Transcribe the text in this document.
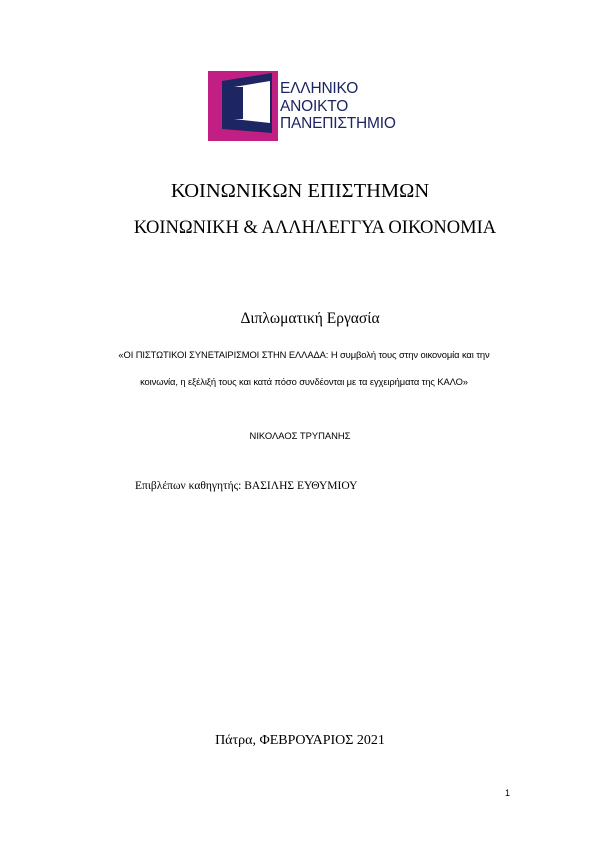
ΕΛΛΗΝΙΚΟ
ΑΝΟΙΚΤΟ
ΠΑΝΕΠΙΣΤΗΜΙΟ
ΚΟΙΝΩΝΙΚΩΝ ΕΠΙΣΤΗΜΩΝ
ΚΟΙΝΩΝΙΚΗ & ΑΛΛΗΛΕΓΓΥΑ ΟΙΚΟΝΟΜΙΑ
Διπλωματική Εργασία
«ΟΙ ΠΙΣΤΩΤΙΚΟΙ ΣΥΝΕΤΑΙΡΙΣΜΟΙ ΣΤΗΝ ΕΛΛΑΔΑ: Η συμβολή τους στην οικονομία και την
κοινωνία, η εξέλιξή τους και κατά πόσο συνδέονται με τα εγχειρήματα της ΚΑΛΟ»
ΝΙΚΟΛΑΟΣ ΤΡΥΠΑΝΗΣ
Επιβλέπων καθηγητής: ΒΑΣΙΛΗΣ ΕΥΘΥΜΙΟΥ
Πάτρα, ΦΕΒΡΟΥΑΡΙΟΣ 2021
1
